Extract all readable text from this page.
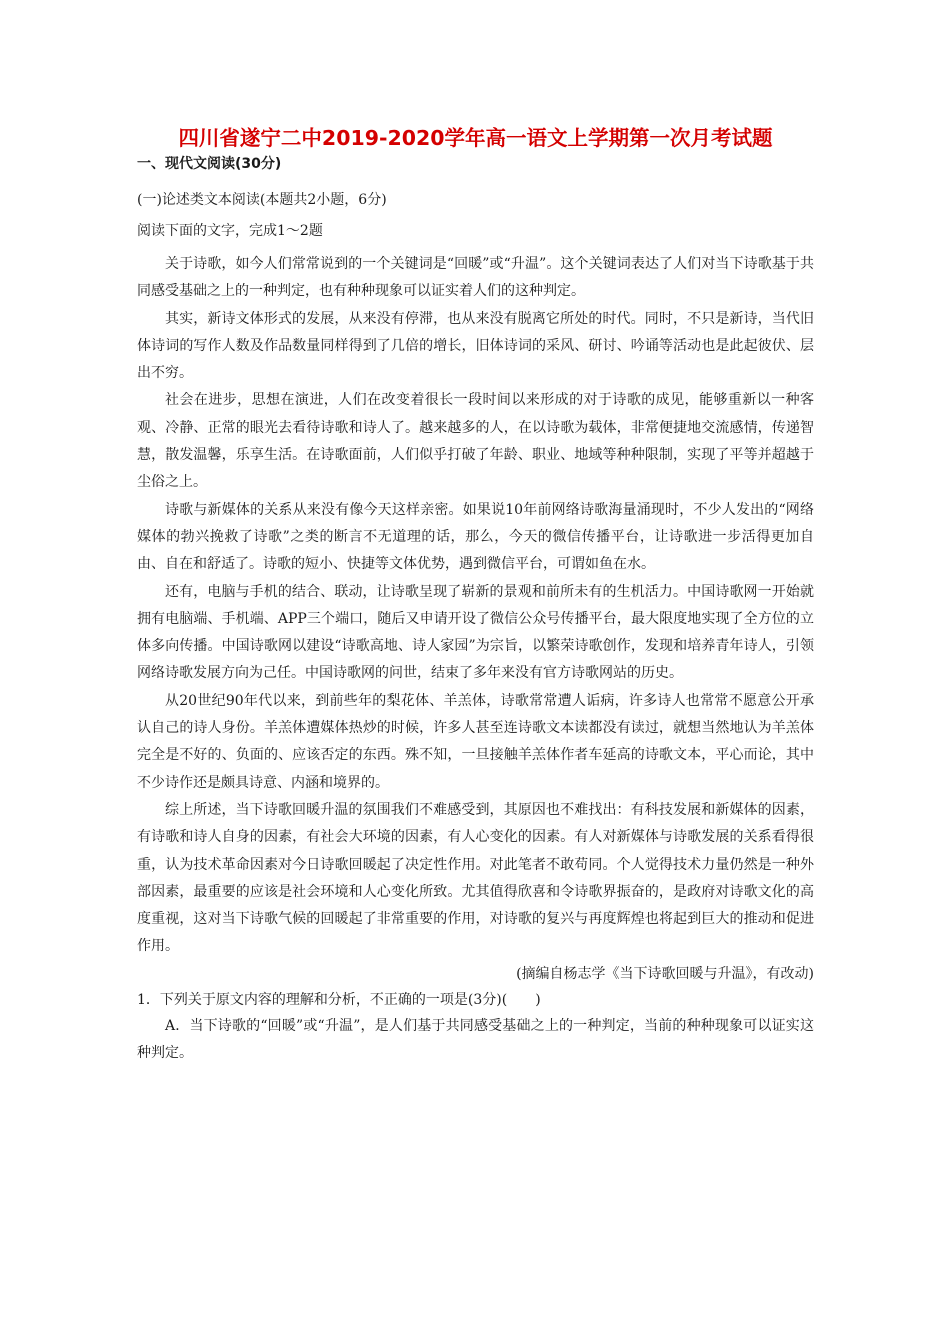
四川省遂宁二中2019-2020学年高一语文上学期第一次月考试题
一、现代文阅读(30分)
(一)论述类文本阅读(本题共2小题，6分)
阅读下面的文字，完成1～2题

关于诗歌，如今人们常常说到的一个关键词是“回暖”或“升温”。这个关键词表达了人们对当下诗歌基于共同感受基础之上的一种判定，也有种种现象可以证实着人们的这种判定。

其实，新诗文体形式的发展，从来没有停滞，也从来没有脱离它所处的时代。同时，不只是新诗，当代旧体诗词的写作人数及作品数量同样得到了几倍的增长，旧体诗词的采风、研讨、吟诵等活动也是此起彼伏、层出不穷。

社会在进步，思想在演进，人们在改变着很长一段时间以来形成的对于诗歌的成见，能够重新以一种客观、冷静、正常的眼光去看待诗歌和诗人了。越来越多的人，在以诗歌为载体，非常便捷地交流感情，传递智慧，散发温馨，乐享生活。在诗歌面前，人们似乎打破了年龄、职业、地域等种种限制，实现了平等并超越于尘俗之上。

诗歌与新媒体的关系从来没有像今天这样亲密。如果说10年前网络诗歌海量涌现时，不少人发出的“网络媒体的勃兴挽救了诗歌”之类的断言不无道理的话，那么，今天的微信传播平台，让诗歌进一步活得更加自由、自在和舒适了。诗歌的短小、快捷等文体优势，遇到微信平台，可谓如鱼在水。

还有，电脑与手机的结合、联动，让诗歌呈现了崭新的景观和前所未有的生机活力。中国诗歌网一开始就拥有电脑端、手机端、APP三个端口，随后又申请开设了微信公众号传播平台，最大限度地实现了全方位的立体多向传播。中国诗歌网以建设“诗歌高地、诗人家园”为宗旨，以繁荣诗歌创作，发现和培养青年诗人，引领网络诗歌发展方向为己任。中国诗歌网的问世，结束了多年来没有官方诗歌网站的历史。

从20世纪90年代以来，到前些年的梨花体、羊羔体，诗歌常常遭人诟病，许多诗人也常常不愿意公开承认自己的诗人身份。羊羔体遭媒体热炒的时候，许多人甚至连诗歌文本读都没有读过，就想当然地认为羊羔体完全是不好的、负面的、应该否定的东西。殊不知，一旦接触羊羔体作者车延高的诗歌文本，平心而论，其中不少诗作还是颇具诗意、内涵和境界的。

综上所述，当下诗歌回暖升温的氛围我们不难感受到，其原因也不难找出：有科技发展和新媒体的因素，有诗歌和诗人自身的因素，有社会大环境的因素，有人心变化的因素。有人对新媒体与诗歌发展的关系看得很重，认为技术革命因素对今日诗歌回暖起了决定性作用。对此笔者不敢苟同。个人觉得技术力量仍然是一种外部因素，最重要的应该是社会环境和人心变化所致。尤其值得欣喜和令诗歌界振奋的，是政府对诗歌文化的高度重视，这对当下诗歌气候的回暖起了非常重要的作用，对诗歌的复兴与再度辉煌也将起到巨大的推动和促进作用。

(摘编自杨志学《当下诗歌回暖与升温》，有改动)

1．下列关于原文内容的理解和分析，不正确的一项是(3分)(　　)

A．当下诗歌的“回暖”或“升温”，是人们基于共同感受基础之上的一种判定，当前的种种现象可以证实这种判定。
